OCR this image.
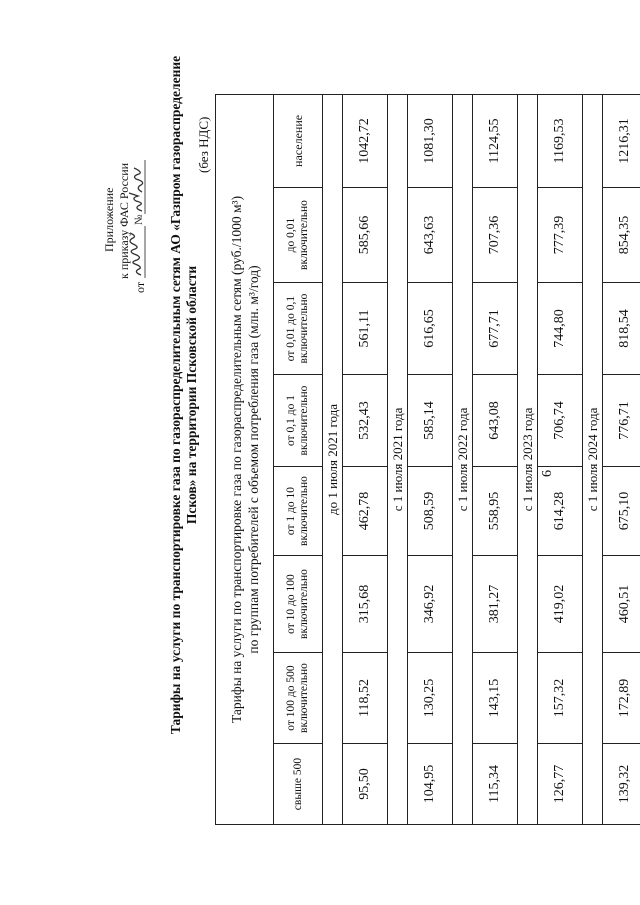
6
Приложение к приказу ФАС России
от
№ Тарифы на услуги по транспортировке газа по газораспределительным сетям АО «Газпром газораспределение Псков» на территории Псковской области
(без НДС)
Тарифы на услуги по транспортировке газа по газораспределительным сетям (руб./1000 м³) по группам потребителей с объемом потребления газа (млн. м³/год)							

свыше 500	от 100 до 500 включительно	от 10 до 100 включительно	от 1 до 10 включительно	от 0,1 до 1 включительно	от 0,01 до 0,1 включительно	до 0,01 включительно	население
до 1 июля 2021 года							
95,50	118,52	315,68	462,78	532,43	561,11	585,66	1042,72
с 1 июля 2021 года							
104,95	130,25	346,92	508,59	585,14	616,65	643,63	1081,30
с 1 июля 2022 года							
115,34	143,15	381,27	558,95	643,08	677,71	707,36	1124,55
с 1 июля 2023 года							
126,77	157,32	419,02	614,28	706,74	744,80	777,39	1169,53
с 1 июля 2024 года							
139,32	172,89	460,51	675,10	776,71	818,54	854,35	1216,31
